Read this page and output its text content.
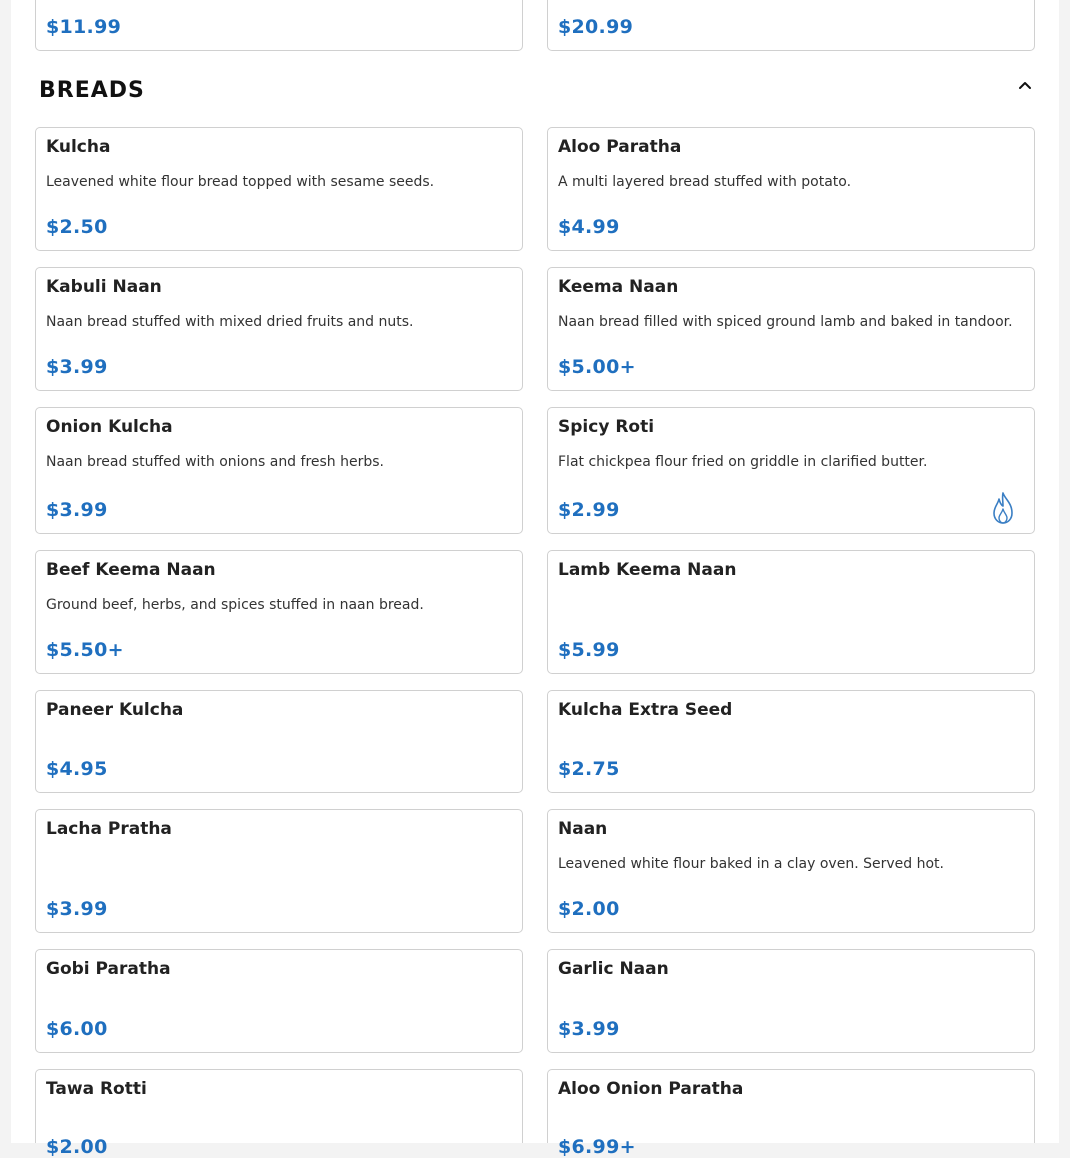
$11.99	$20.99
BREADS
Kulcha
Leavened white flour bread topped with sesame seeds.
$2.50
Aloo Paratha
A multi layered bread stuffed with potato.
$4.99
Kabuli Naan
Naan bread stuffed with mixed dried fruits and nuts.
$3.99
Keema Naan
Naan bread filled with spiced ground lamb and baked in tandoor.
$5.00+
Onion Kulcha
Naan bread stuffed with onions and fresh herbs.
$3.99
Spicy Roti
Flat chickpea flour fried on griddle in clarified butter.
$2.99
Beef Keema Naan
Ground beef, herbs, and spices stuffed in naan bread.
$5.50+
Lamb Keema Naan
$5.99
Paneer Kulcha
$4.95
Kulcha Extra Seed
$2.75
Lacha Pratha
$3.99
Naan
Leavened white flour baked in a clay oven. Served hot.
$2.00
Gobi Paratha
$6.00
Garlic Naan
$3.99
Tawa Rotti
$2.00
Aloo Onion Paratha
$6.99+
